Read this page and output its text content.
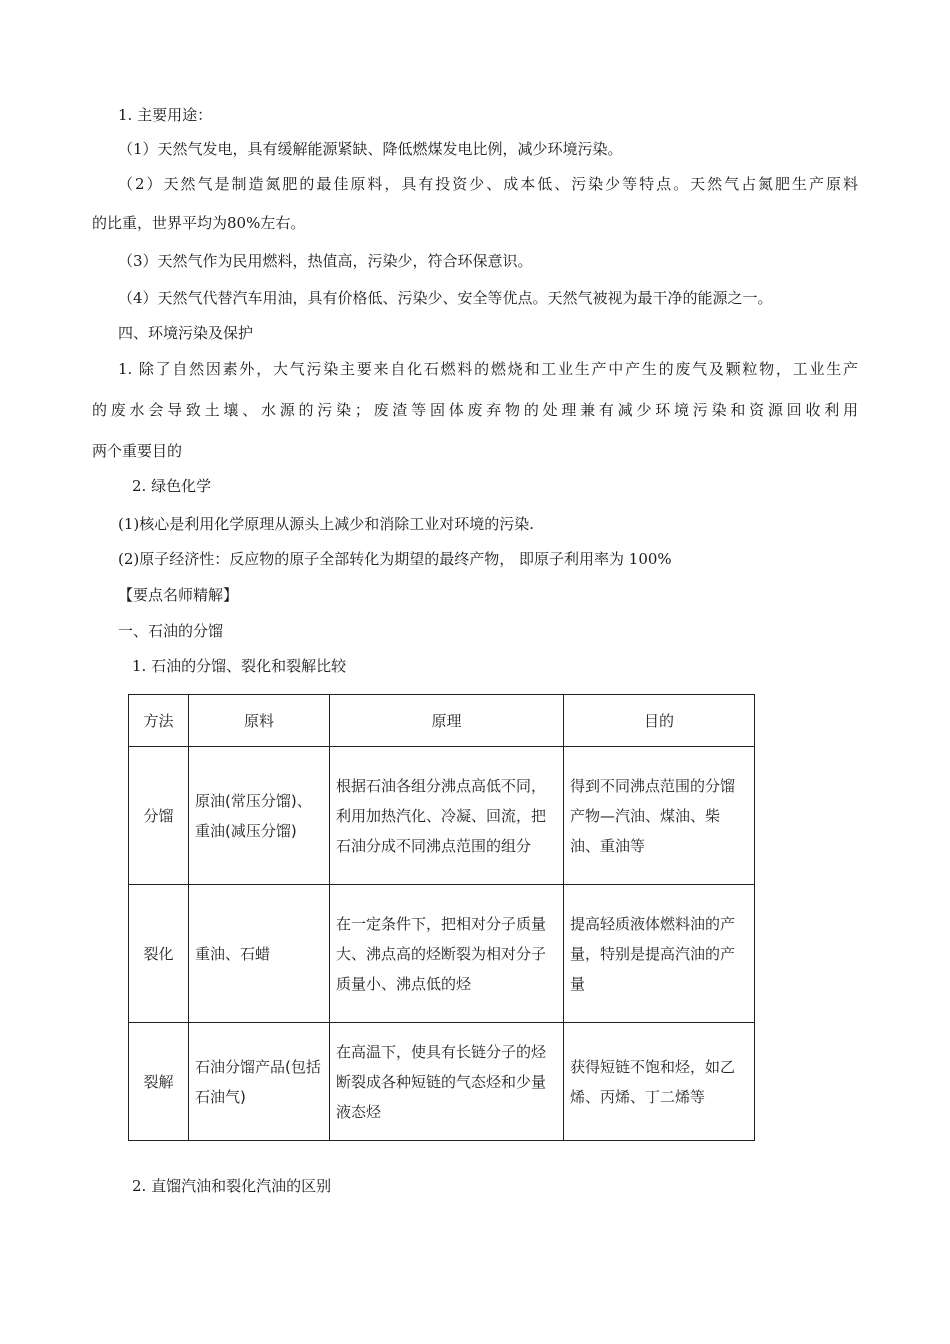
1. 主要用途：
（1）天然气发电，具有缓解能源紧缺、降低燃煤发电比例，减少环境污染。
（2）天然气是制造氮肥的最佳原料，具有投资少、成本低、污染少等特点。天然气占氮肥生产原料
的比重，世界平均为80%左右。
（3）天然气作为民用燃料，热值高，污染少，符合环保意识。
（4）天然气代替汽车用油，具有价格低、污染少、安全等优点。天然气被视为最干净的能源之一。
四、环境污染及保护
1. 除了自然因素外，大气污染主要来自化石燃料的燃烧和工业生产中产生的废气及颗粒物，工业生产
的废水会导致土壤、水源的污染；废渣等固体废弃物的处理兼有减少环境污染和资源回收利用
两个重要目的
2. 绿色化学
(1)核心是利用化学原理从源头上减少和消除工业对环境的污染.
(2)原子经济性：反应物的原子全部转化为期望的最终产物， 即原子利用率为 100%
【要点名师精解】
一、石油的分馏
1. 石油的分馏、裂化和裂解比较
方法	原料	原理	目的
分馏	原油(常压分馏)、重油(减压分馏)	根据石油各组分沸点高低不同，利用加热汽化、冷凝、回流，把石油分成不同沸点范围的组分	得到不同沸点范围的分馏产物—汽油、煤油、柴油、重油等
裂化	重油、石蜡	在一定条件下，把相对分子质量大、沸点高的烃断裂为相对分子质量小、沸点低的烃	提高轻质液体燃料油的产量，特别是提高汽油的产量
裂解	石油分馏产品(包括石油气)	在高温下，使具有长链分子的烃断裂成各种短链的气态烃和少量液态烃	获得短链不饱和烃，如乙烯、丙烯、丁二烯等
2. 直馏汽油和裂化汽油的区别
